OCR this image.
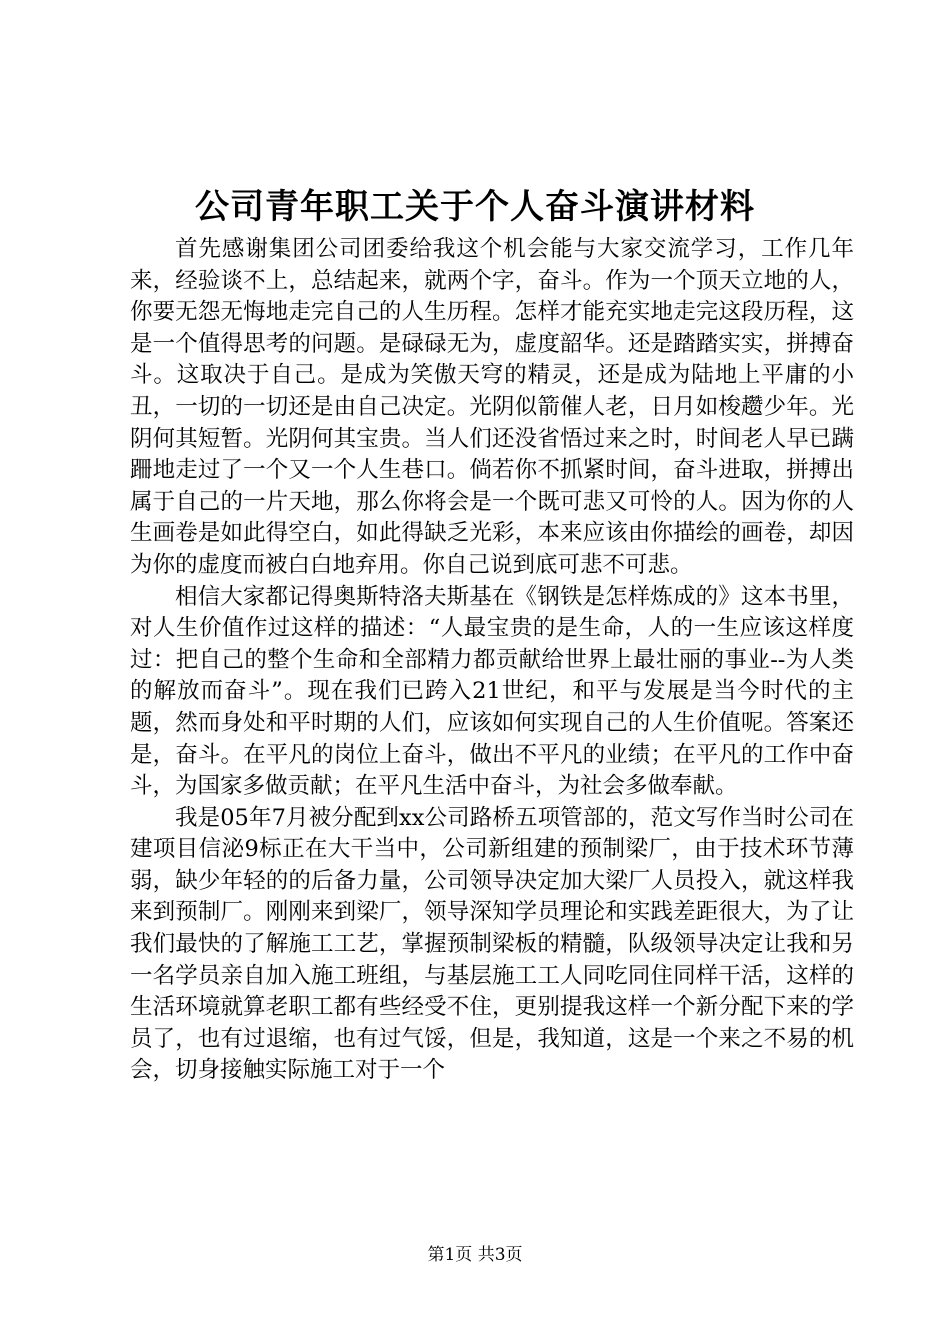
公司青年职工关于个人奋斗演讲材料

首先感谢集团公司团委给我这个机会能与大家交流学习，工作几年来，经验谈不上，总结起来，就两个字，奋斗。作为一个顶天立地的人，你要无怨无悔地走完自己的人生历程。怎样才能充实地走完这段历程，这是一个值得思考的问题。是碌碌无为，虚度韶华。还是踏踏实实，拼搏奋斗。这取决于自己。是成为笑傲天穹的精灵，还是成为陆地上平庸的小丑，一切的一切还是由自己决定。光阴似箭催人老，日月如梭趱少年。光阴何其短暂。光阴何其宝贵。当人们还没省悟过来之时，时间老人早已蹒跚地走过了一个又一个人生巷口。倘若你不抓紧时间，奋斗进取，拼搏出属于自己的一片天地，那么你将会是一个既可悲又可怜的人。因为你的人生画卷是如此得空白，如此得缺乏光彩，本来应该由你描绘的画卷，却因为你的虚度而被白白地弃用。你自己说到底可悲不可悲。

相信大家都记得奥斯特洛夫斯基在《钢铁是怎样炼成的》这本书里，对人生价值作过这样的描述：“人最宝贵的是生命，人的一生应该这样度过：把自己的整个生命和全部精力都贡献给世界上最壮丽的事业--为人类的解放而奋斗”。现在我们已跨入21世纪，和平与发展是当今时代的主题，然而身处和平时期的人们，应该如何实现自己的人生价值呢。答案还是，奋斗。在平凡的岗位上奋斗，做出不平凡的业绩；在平凡的工作中奋斗，为国家多做贡献；在平凡生活中奋斗，为社会多做奉献。

我是05年7月被分配到xx公司路桥五项管部的，范文写作当时公司在建项目信泌9标正在大干当中，公司新组建的预制梁厂，由于技术环节薄弱，缺少年轻的的后备力量，公司领导决定加大梁厂人员投入，就这样我来到预制厂。刚刚来到梁厂，领导深知学员理论和实践差距很大，为了让我们最快的了解施工工艺，掌握预制梁板的精髓，队级领导决定让我和另一名学员亲自加入施工班组，与基层施工工人同吃同住同样干活，这样的生活环境就算老职工都有些经受不住，更别提我这样一个新分配下来的学员了，也有过退缩，也有过气馁，但是，我知道，这是一个来之不易的机会，切身接触实际施工对于一个

第1页 共3页
